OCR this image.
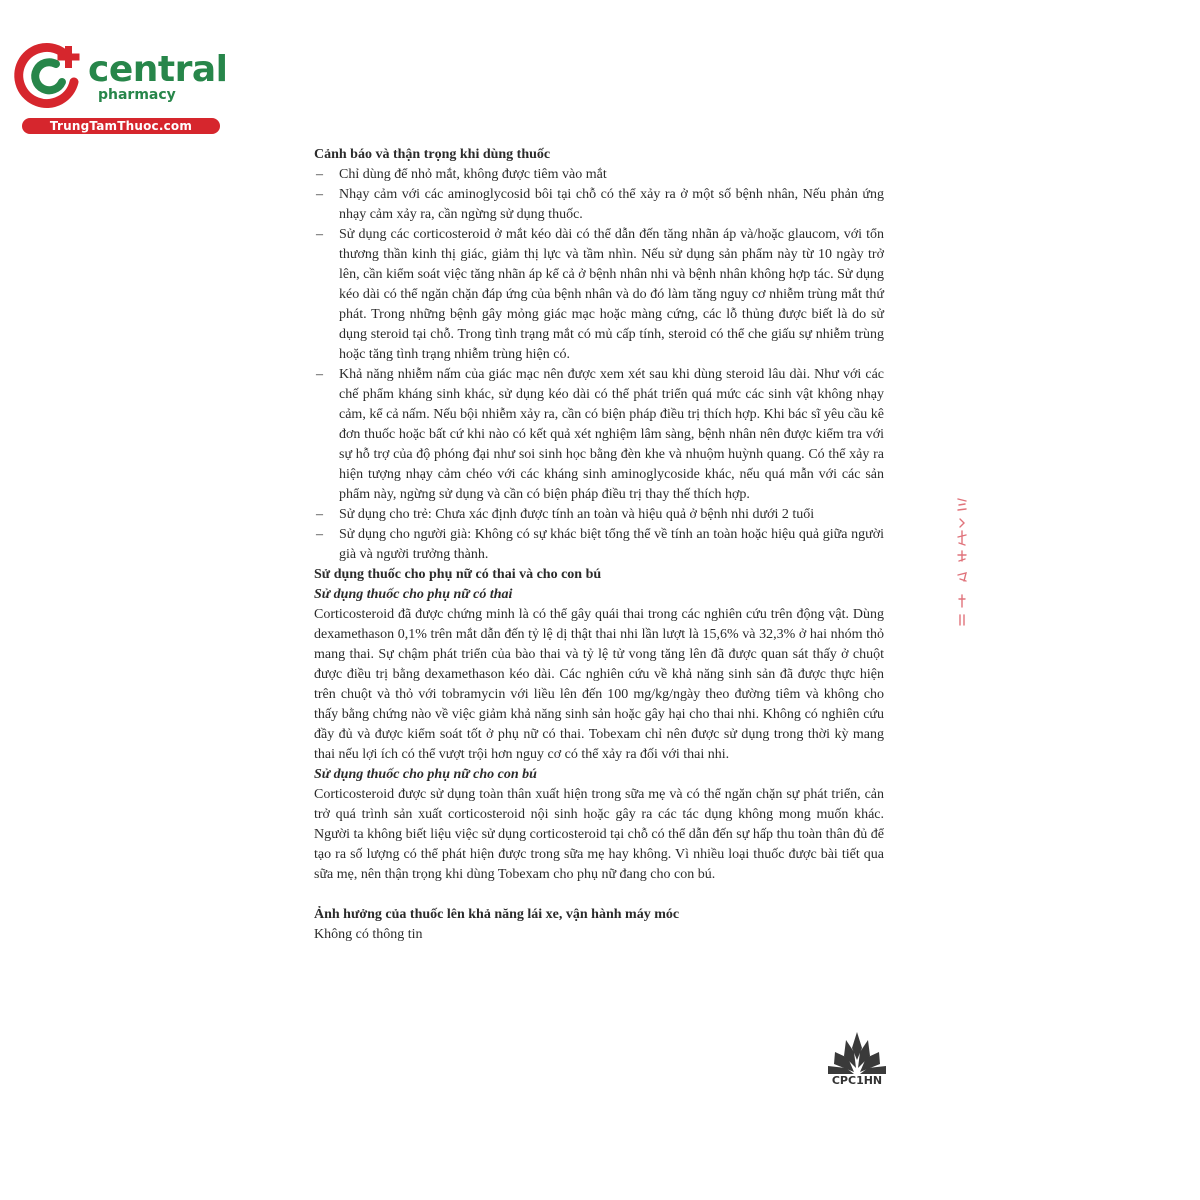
central
pharmacy
TrungTamThuoc.com

Cảnh báo và thận trọng khi dùng thuốc

– Chỉ dùng để nhỏ mắt, không được tiêm vào mắt
– Nhạy cảm với các aminoglycosid bôi tại chỗ có thể xảy ra ở một số bệnh nhân, Nếu phản ứng nhạy cảm xảy ra, cần ngừng sử dụng thuốc.
– Sử dụng các corticosteroid ở mắt kéo dài có thể dẫn đến tăng nhãn áp và/hoặc glaucom, với tổn thương thần kinh thị giác, giảm thị lực và tầm nhìn. Nếu sử dụng sản phẩm này từ 10 ngày trở lên, cần kiểm soát việc tăng nhãn áp kể cả ở bệnh nhân nhi và bệnh nhân không hợp tác. Sử dụng kéo dài có thể ngăn chặn đáp ứng của bệnh nhân và do đó làm tăng nguy cơ nhiễm trùng mắt thứ phát. Trong những bệnh gây mỏng giác mạc hoặc màng cứng, các lỗ thủng được biết là do sử dụng steroid tại chỗ. Trong tình trạng mắt có mủ cấp tính, steroid có thể che giấu sự nhiễm trùng hoặc tăng tình trạng nhiễm trùng hiện có.
– Khả năng nhiễm nấm của giác mạc nên được xem xét sau khi dùng steroid lâu dài. Như với các chế phẩm kháng sinh khác, sử dụng kéo dài có thể phát triển quá mức các sinh vật không nhạy cảm, kể cả nấm. Nếu bội nhiễm xảy ra, cần có biện pháp điều trị thích hợp. Khi bác sĩ yêu cầu kê đơn thuốc hoặc bất cứ khi nào có kết quả xét nghiệm lâm sàng, bệnh nhân nên được kiểm tra với sự hỗ trợ của độ phóng đại như soi sinh học bằng đèn khe và nhuộm huỳnh quang. Có thể xảy ra hiện tượng nhạy cảm chéo với các kháng sinh aminoglycoside khác, nếu quá mẫn với các sản phẩm này, ngừng sử dụng và cần có biện pháp điều trị thay thế thích hợp.
– Sử dụng cho trẻ: Chưa xác định được tính an toàn và hiệu quả ở bệnh nhi dưới 2 tuổi
– Sử dụng cho người già: Không có sự khác biệt tổng thể về tính an toàn hoặc hiệu quả giữa người già và người trưởng thành.

Sử dụng thuốc cho phụ nữ có thai và cho con bú

Sử dụng thuốc cho phụ nữ có thai

Corticosteroid đã được chứng minh là có thể gây quái thai trong các nghiên cứu trên động vật. Dùng dexamethason 0,1% trên mắt dẫn đến tỷ lệ dị thật thai nhi lần lượt là 15,6% và 32,3% ở hai nhóm thỏ mang thai. Sự chậm phát triển của bào thai và tỷ lệ tử vong tăng lên đã được quan sát thấy ở chuột được điều trị bằng dexamethason kéo dài. Các nghiên cứu về khả năng sinh sản đã được thực hiện trên chuột và thỏ với tobramycin với liều lên đến 100 mg/kg/ngày theo đường tiêm và không cho thấy bằng chứng nào về việc giảm khả năng sinh sản hoặc gây hại cho thai nhi. Không có nghiên cứu đầy đủ và được kiểm soát tốt ở phụ nữ có thai. Tobexam chỉ nên được sử dụng trong thời kỳ mang thai nếu lợi ích có thể vượt trội hơn nguy cơ có thể xảy ra đối với thai nhi.

Sử dụng thuốc cho phụ nữ cho con bú

Corticosteroid được sử dụng toàn thân xuất hiện trong sữa mẹ và có thể ngăn chặn sự phát triển, cản trở quá trình sản xuất corticosteroid nội sinh hoặc gây ra các tác dụng không mong muốn khác. Người ta không biết liệu việc sử dụng corticosteroid tại chỗ có thể dẫn đến sự hấp thu toàn thân đủ để tạo ra số lượng có thể phát hiện được trong sữa mẹ hay không. Vì nhiều loại thuốc được bài tiết qua sữa mẹ, nên thận trọng khi dùng Tobexam cho phụ nữ đang cho con bú.

Ảnh hưởng của thuốc lên khả năng lái xe, vận hành máy móc

Không có thông tin

CPC1HN
